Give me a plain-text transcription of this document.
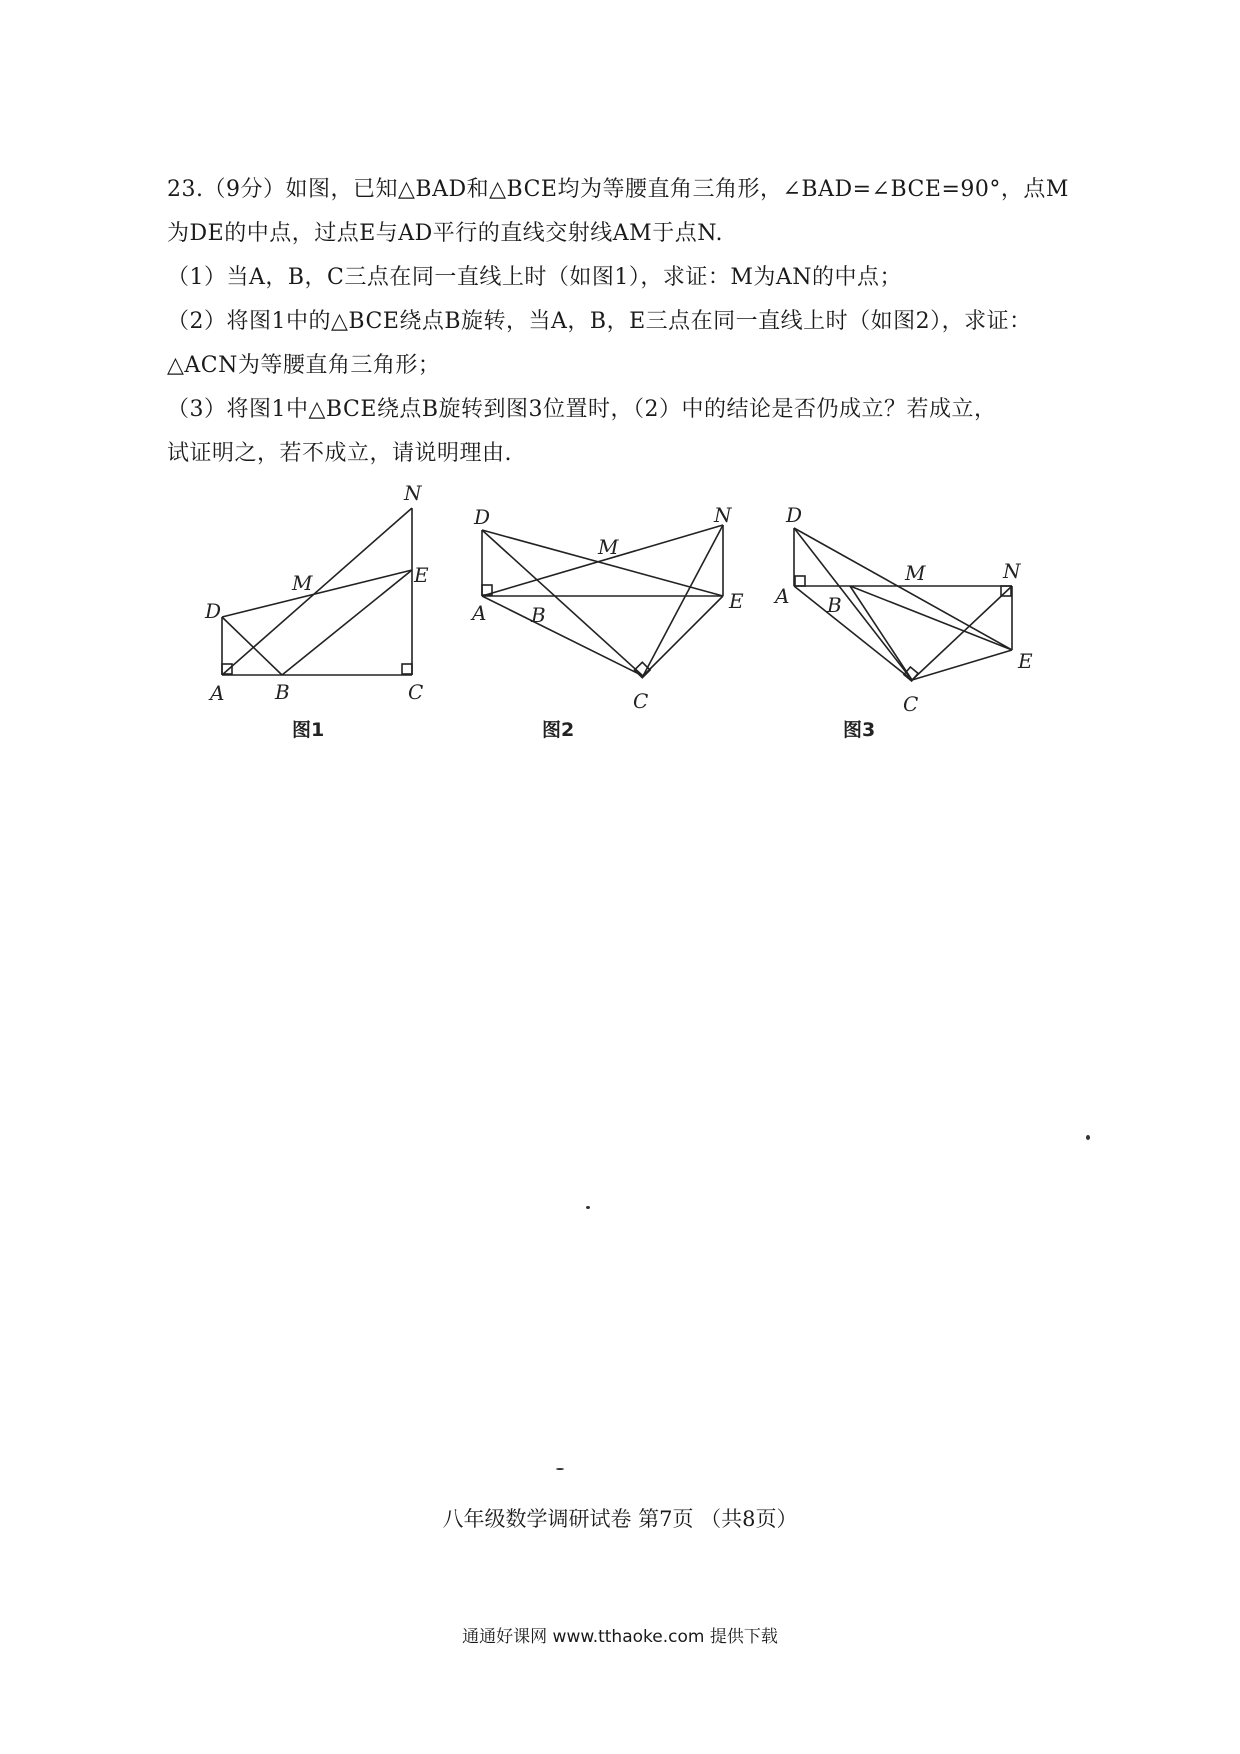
23.（9分）如图，已知△BAD和△BCE均为等腰直角三角形，∠BAD=∠BCE=90°，点M
为DE的中点，过点E与AD平行的直线交射线AM于点N.
（1）当A，B，C三点在同一直线上时（如图1），求证：M为AN的中点；
（2）将图1中的△BCE绕点B旋转，当A，B，E三点在同一直线上时（如图2），求证：
△ACN为等腰直角三角形；
（3）将图1中△BCE绕点B旋转到图3位置时，（2）中的结论是否仍成立？若成立，
试证明之，若不成立，请说明理由.
A	B	C
D
E
M
N
图1
A B
C
D
E
M
N
图2
A B
C
D
E
M	N
图3
八年级数学调研试卷 第7页 （共8页）
通通好课网 www.tthaoke.com 提供下载
